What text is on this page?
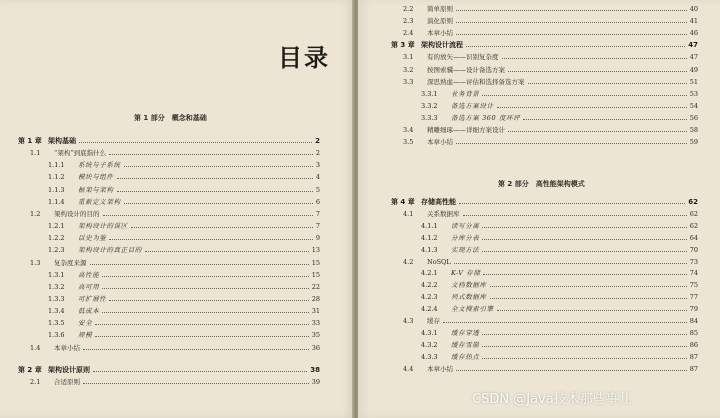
目录
第 1 部分　概念和基础
第 1 章 架构基础	2
1.1 “架构”到底指什么	2
1.1.1 系统与子系统	3
1.1.2 模块与组件	4
1.1.3 框架与架构	5
1.1.4 重新定义架构	6
1.2 架构设计的目的	7
1.2.1 架构设计的误区	7
1.2.2 以史为鉴	9
1.2.3 架构设计的真正目的	13
1.3 复杂度来源	15
1.3.1 高性能	15
1.3.2 高可用	22
1.3.3 可扩展性	28
1.3.4 低成本	31
1.3.5 安全	33
1.3.6 规模	35
1.4 本章小结	36
第 2 章 架构设计原则	38
2.1 合适原则	39
2.2 简单原则	40
2.3 演化原则	41
2.4 本章小结	46
第 3 章 架构设计流程	47
3.1 有的放矢——识别复杂度	47
3.2 按图索骥——设计备选方案	49
3.3 深思熟虑——评估和选择备选方案	51
3.3.1 业务背景	53
3.3.2 备选方案设计	54
3.3.3 备选方案 360 度环评	56
3.4 精雕细琢——详细方案设计	58
3.5 本章小结	59
第 2 部分　高性能架构模式
第 4 章 存储高性能	62
4.1 关系数据库	62
4.1.1 读写分离	62
4.1.2 分库分表	64
4.1.3 实现方法	70
4.2 NoSQL	73
4.2.1 K-V 存储	74
4.2.2 文档数据库	75
4.2.3 列式数据库	77
4.2.4 全文搜索引擎	79
4.3 缓存	84
4.3.1 缓存穿透	85
4.3.2 缓存雪崩	86
4.3.3 缓存热点	87
4.4 本章小结	87
CSDN @Java技术那些事儿
